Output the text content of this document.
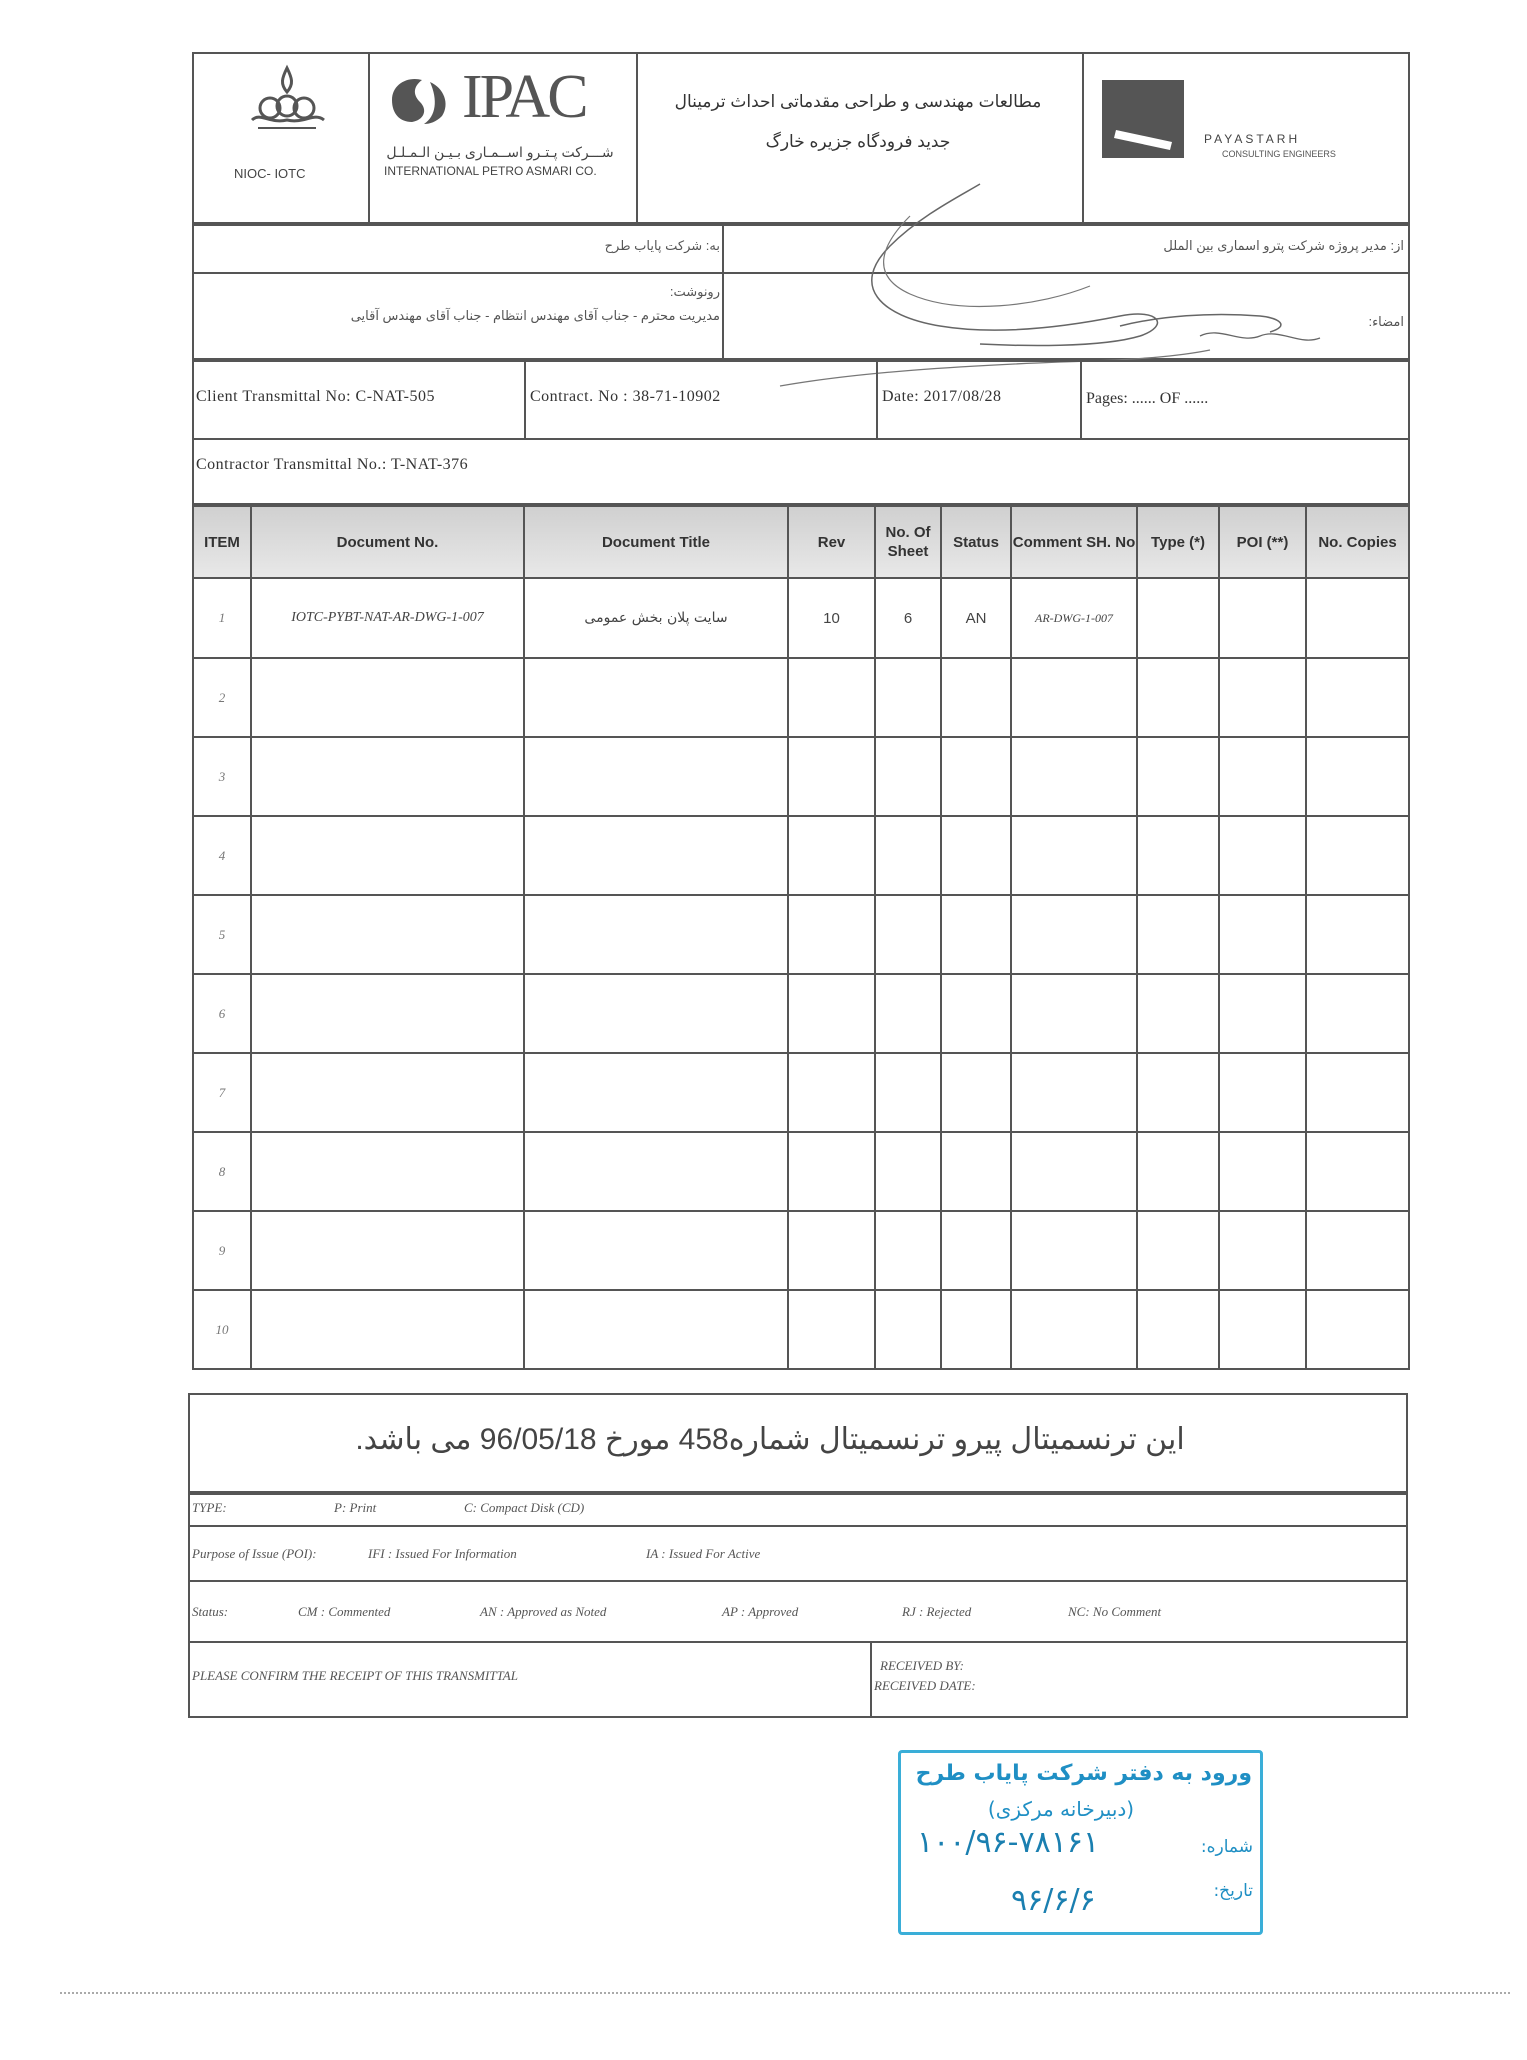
NIOC- IOTC
IPAC
شـــرکت پـتـرو اســمـاری بـیـن الـمـلـل
INTERNATIONAL PETRO ASMARI CO.
مطالعات مهندسی و طراحی مقدماتی احداث ترمینال
جدید فرودگاه جزیره خارگ	PAYASTARH
CONSULTING ENGINEERS
به: شرکت پایاب طرح	از: مدیر پروژه شرکت پترو اسماری بین الملل
رونوشت:
مدیریت محترم - جناب آقای مهندس انتظام - جناب آقای مهندس آقایی	امضاء:
Client Transmittal No: C-NAT-505	Contract. No : 38-71-10902	Date: 2017/08/28	Pages: ...... OF ......
Contractor Transmittal No.: T-NAT-376
ITEM	Document No.	Document Title	Rev	No. Of Sheet	Status	Comment SH. No	Type (*)	POI (**)	No. Copies
1	IOTC-PYBT-NAT-AR-DWG-1-007	سایت پلان بخش عمومی	10	6	AN	AR-DWG-1-007			
2									
3									
4									
5									
6									
7									
8									
9									
10									
این ترنسمیتال پیرو ترنسمیتال شماره458 مورخ 96/05/18 می باشد.
TYPE:	P: Print	C: Compact Disk (CD)
Purpose of Issue (POI):	IFI : Issued For Information	IA : Issued For Active
Status:	CM : Commented	AN : Approved as Noted	AP : Approved	RJ : Rejected	NC: No Comment
PLEASE CONFIRM THE RECEIPT OF THIS TRANSMITTAL
RECEIVED BY:
RECEIVED DATE:
ورود به دفتر شرکت پایاب طرح
(دبیرخانه مرکزی)
شماره:
۱۰۰/۹۶-۷۸۱۶۱
تاریخ:
۹۶/۶/۶
